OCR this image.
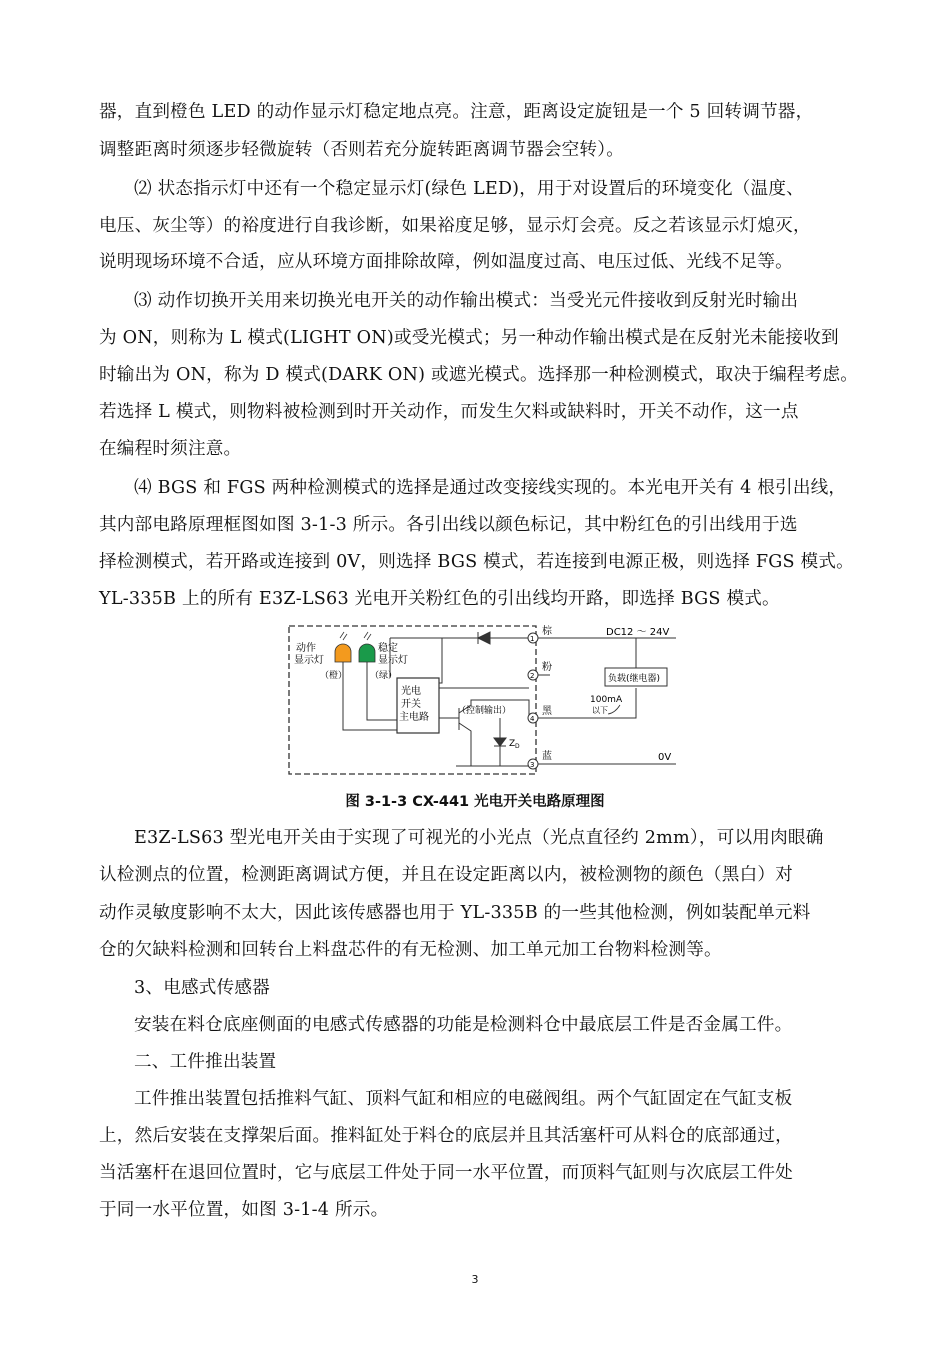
器，直到橙色 LED 的动作显示灯稳定地点亮。注意，距离设定旋钮是一个 5 回转调节器，
调整距离时须逐步轻微旋转（否则若充分旋转距离调节器会空转）。
⑵ 状态指示灯中还有一个稳定显示灯(绿色 LED)，用于对设置后的环境变化（温度、
电压、灰尘等）的裕度进行自我诊断，如果裕度足够，显示灯会亮。反之若该显示灯熄灭，
说明现场环境不合适，应从环境方面排除故障，例如温度过高、电压过低、光线不足等。
⑶ 动作切换开关用来切换光电开关的动作输出模式：当受光元件接收到反射光时输出
为 ON，则称为 L 模式(LIGHT ON)或受光模式；另一种动作输出模式是在反射光未能接收到
时输出为 ON，称为 D 模式(DARK ON) 或遮光模式。选择那一种检测模式，取决于编程考虑。
若选择 L 模式，则物料被检测到时开关动作，而发生欠料或缺料时，开关不动作，这一点
在编程时须注意。
⑷ BGS 和 FGS 两种检测模式的选择是通过改变接线实现的。本光电开关有 4 根引出线，
其内部电路原理框图如图 3-1-3 所示。各引出线以颜色标记，其中粉红色的引出线用于选
择检测模式，若开路或连接到 0V，则选择 BGS 模式，若连接到电源正极，则选择 FGS 模式。
YL-335B 上的所有 E3Z-LS63 光电开关粉红色的引出线均开路，即选择 BGS 模式。
动作
显示灯
稳定
显示灯
（橙）	（绿）
光电
开关
主电路
（控制输出）
Z D
1
2
4
3
棕
粉
黑
蓝
DC12 ～ 24V
负载(继电器)
100mA
以下
0V
图 3-1-3 CX-441 光电开关电路原理图
E3Z-LS63 型光电开关由于实现了可视光的小光点（光点直径约 2mm），可以用肉眼确
认检测点的位置，检测距离调试方便，并且在设定距离以内，被检测物的颜色（黑白）对
动作灵敏度影响不太大，因此该传感器也用于 YL-335B 的一些其他检测，例如装配单元料
仓的欠缺料检测和回转台上料盘芯件的有无检测、加工单元加工台物料检测等。
3、电感式传感器
安装在料仓底座侧面的电感式传感器的功能是检测料仓中最底层工件是否金属工件。
二、工件推出装置
工件推出装置包括推料气缸、顶料气缸和相应的电磁阀组。两个气缸固定在气缸支板
上，然后安装在支撑架后面。推料缸处于料仓的底层并且其活塞杆可从料仓的底部通过，
当活塞杆在退回位置时，它与底层工件处于同一水平位置，而顶料气缸则与次底层工件处
于同一水平位置，如图 3-1-4 所示。
3
